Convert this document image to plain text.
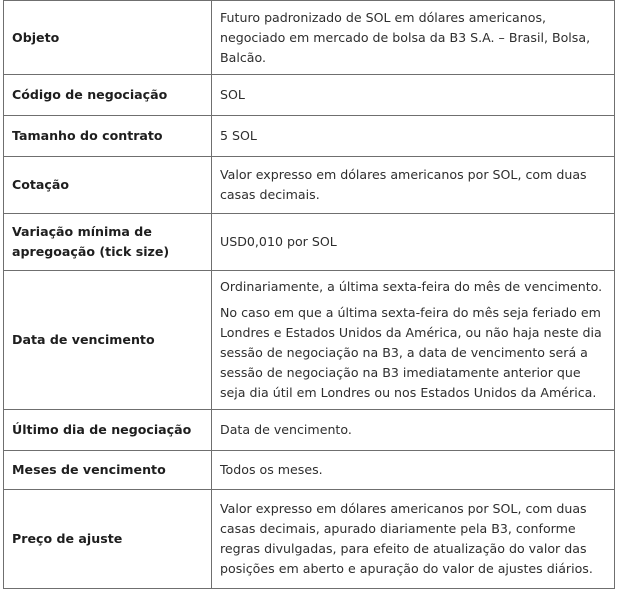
Objeto	Futuro padronizado de SOL em dólares americanos, negociado em mercado de bolsa da B3 S.A. – Brasil, Bolsa, Balcão.

Código de negociação	SOL

Tamanho do contrato	5 SOL

Cotação	Valor expresso em dólares americanos por SOL, com duas casas decimais.

Variação mínima de apregoação (tick size)	USD0,010 por SOL

Data de vencimento	Ordinariamente, a última sexta-feira do mês de vencimento.

No caso em que a última sexta-feira do mês seja feriado em Londres e Estados Unidos da América, ou não haja neste dia sessão de negociação na B3, a data de vencimento será a sessão de negociação na B3 imediatamente anterior que seja dia útil em Londres ou nos Estados Unidos da América.

Último dia de negociação	Data de vencimento.

Meses de vencimento	Todos os meses.

Preço de ajuste	Valor expresso em dólares americanos por SOL, com duas casas decimais, apurado diariamente pela B3, conforme regras divulgadas, para efeito de atualização do valor das posições em aberto e apuração do valor de ajustes diários.
